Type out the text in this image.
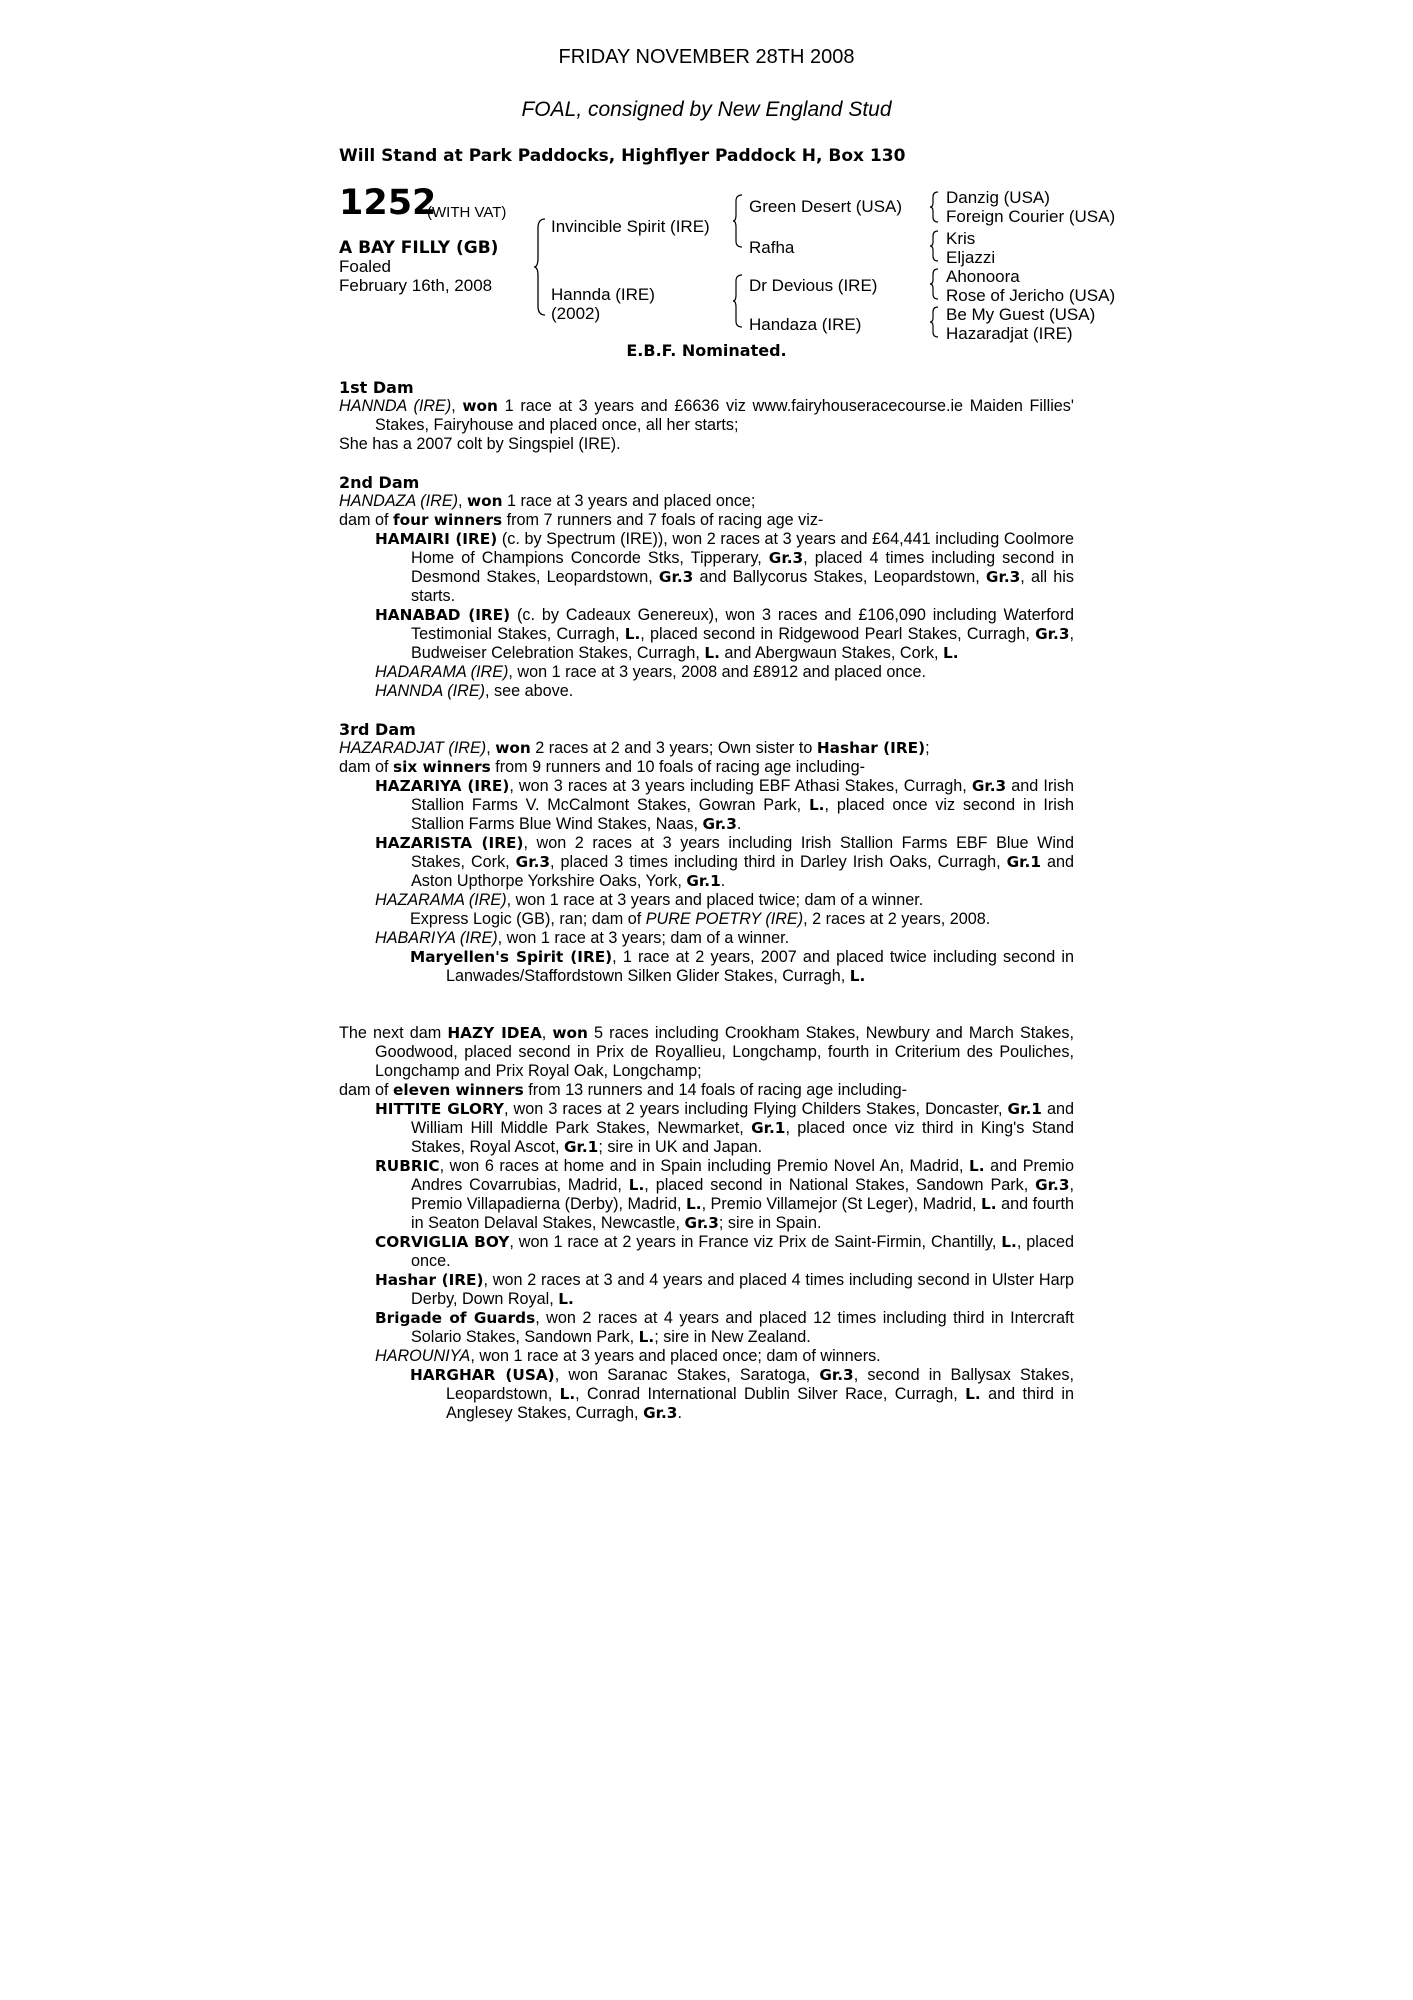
FRIDAY NOVEMBER 28TH 2008
FOAL, consigned by New England Stud
Will Stand at Park Paddocks, Highflyer Paddock H, Box 130
1252
(WITH VAT)
A BAY FILLY (GB)
Foaled
February 16th, 2008
Invincible Spirit (IRE)
Hannda (IRE)
(2002)
Green Desert (USA)
Rafha
Dr Devious (IRE)
Handaza (IRE)
Danzig (USA)
Foreign Courier (USA)
Kris
Eljazzi
Ahonoora
Rose of Jericho (USA)
Be My Guest (USA)
Hazaradjat (IRE)
E.B.F. Nominated.
1st Dam

HANNDA (IRE), won 1 race at 3 years and £6636 viz www.fairyhouseracecourse.ie Maiden Fillies' Stakes, Fairyhouse and placed once, all her starts;

She has a 2007 colt by Singspiel (IRE).

2nd Dam

HANDAZA (IRE), won 1 race at 3 years and placed once;

dam of four winners from 7 runners and 7 foals of racing age viz-

HAMAIRI (IRE) (c. by Spectrum (IRE)), won 2 races at 3 years and £64,441 including Coolmore Home of Champions Concorde Stks, Tipperary, Gr.3, placed 4 times including second in Desmond Stakes, Leopardstown, Gr.3 and Ballycorus Stakes, Leopardstown, Gr.3, all his starts.

HANABAD (IRE) (c. by Cadeaux Genereux), won 3 races and £106,090 including Waterford Testimonial Stakes, Curragh, L., placed second in Ridgewood Pearl Stakes, Curragh, Gr.3, Budweiser Celebration Stakes, Curragh, L. and Abergwaun Stakes, Cork, L.

HADARAMA (IRE), won 1 race at 3 years, 2008 and £8912 and placed once.

HANNDA (IRE), see above.

3rd Dam

HAZARADJAT (IRE), won 2 races at 2 and 3 years; Own sister to Hashar (IRE);

dam of six winners from 9 runners and 10 foals of racing age including-

HAZARIYA (IRE), won 3 races at 3 years including EBF Athasi Stakes, Curragh, Gr.3 and Irish Stallion Farms V. McCalmont Stakes, Gowran Park, L., placed once viz second in Irish Stallion Farms Blue Wind Stakes, Naas, Gr.3.

HAZARISTA (IRE), won 2 races at 3 years including Irish Stallion Farms EBF Blue Wind Stakes, Cork, Gr.3, placed 3 times including third in Darley Irish Oaks, Curragh, Gr.1 and Aston Upthorpe Yorkshire Oaks, York, Gr.1.

HAZARAMA (IRE), won 1 race at 3 years and placed twice; dam of a winner.

Express Logic (GB), ran; dam of PURE POETRY (IRE), 2 races at 2 years, 2008.

HABARIYA (IRE), won 1 race at 3 years; dam of a winner.

Maryellen's Spirit (IRE), 1 race at 2 years, 2007 and placed twice including second in Lanwades/Staffordstown Silken Glider Stakes, Curragh, L.

The next dam HAZY IDEA, won 5 races including Crookham Stakes, Newbury and March Stakes, Goodwood, placed second in Prix de Royallieu, Longchamp, fourth in Criterium des Pouliches, Longchamp and Prix Royal Oak, Longchamp;

dam of eleven winners from 13 runners and 14 foals of racing age including-

HITTITE GLORY, won 3 races at 2 years including Flying Childers Stakes, Doncaster, Gr.1 and William Hill Middle Park Stakes, Newmarket, Gr.1, placed once viz third in King's Stand Stakes, Royal Ascot, Gr.1; sire in UK and Japan.

RUBRIC, won 6 races at home and in Spain including Premio Novel An, Madrid, L. and Premio Andres Covarrubias, Madrid, L., placed second in National Stakes, Sandown Park, Gr.3, Premio Villapadierna (Derby), Madrid, L., Premio Villamejor (St Leger), Madrid, L. and fourth in Seaton Delaval Stakes, Newcastle, Gr.3; sire in Spain.

CORVIGLIA BOY, won 1 race at 2 years in France viz Prix de Saint-Firmin, Chantilly, L., placed once.

Hashar (IRE), won 2 races at 3 and 4 years and placed 4 times including second in Ulster Harp Derby, Down Royal, L.

Brigade of Guards, won 2 races at 4 years and placed 12 times including third in Intercraft Solario Stakes, Sandown Park, L.; sire in New Zealand.

HAROUNIYA, won 1 race at 3 years and placed once; dam of winners.

HARGHAR (USA), won Saranac Stakes, Saratoga, Gr.3, second in Ballysax Stakes, Leopardstown, L., Conrad International Dublin Silver Race, Curragh, L. and third in Anglesey Stakes, Curragh, Gr.3.
